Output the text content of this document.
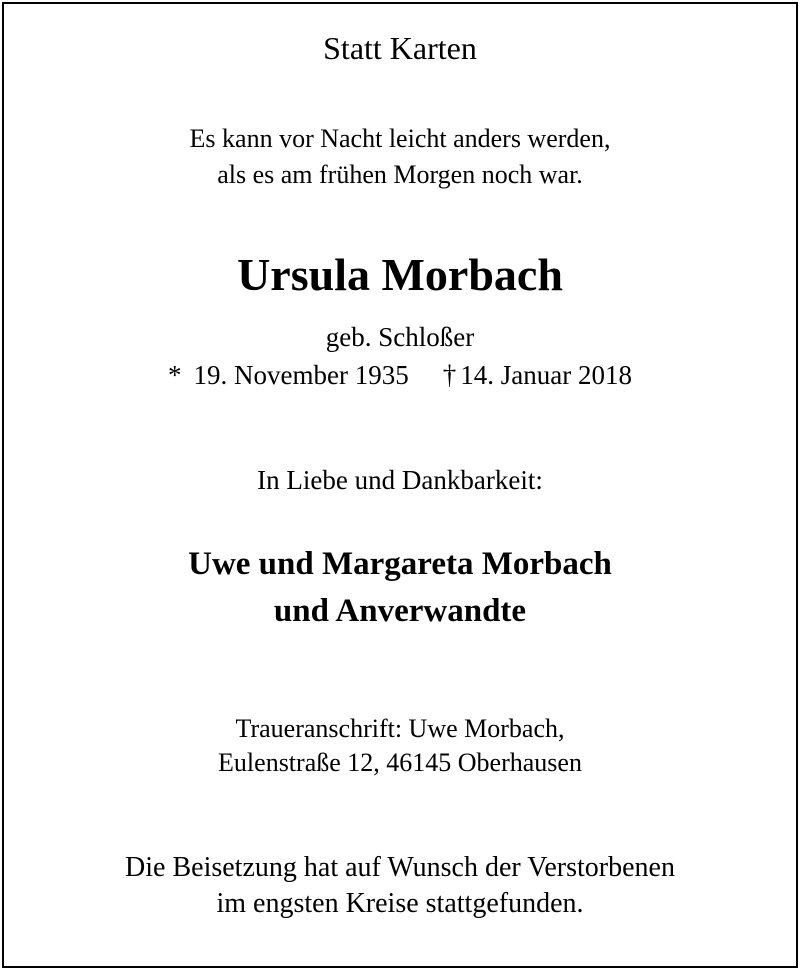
Statt Karten

Es kann vor Nacht leicht anders werden,

als es am frühen Morgen noch war.

Ursula Morbach

geb. Schloßer

* 19. November 1935 † 14. Januar 2018

In Liebe und Dankbarkeit:

Uwe und Margareta Morbach

und Anverwandte

Traueranschrift: Uwe Morbach,

Eulenstraße 12, 46145 Oberhausen

Die Beisetzung hat auf Wunsch der Verstorbenen

im engsten Kreise stattgefunden.
